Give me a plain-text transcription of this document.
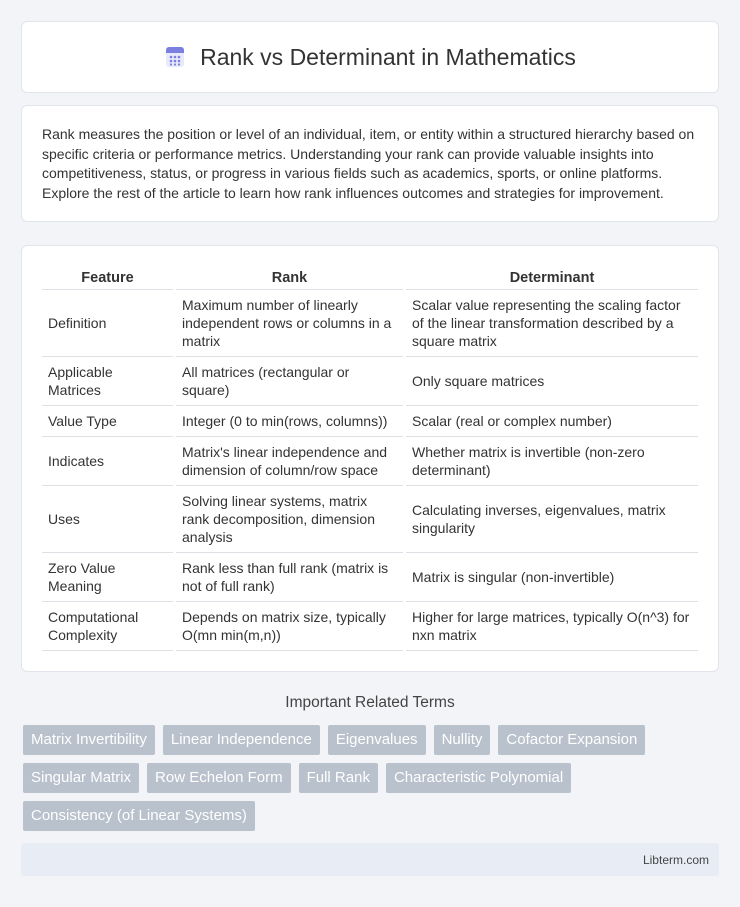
Rank vs Determinant in Mathematics

Rank measures the position or level of an individual, item, or entity within a structured hierarchy based on specific criteria or performance metrics. Understanding your rank can provide valuable insights into competitiveness, status, or progress in various fields such as academics, sports, or online platforms. Explore the rest of the article to learn how rank influences outcomes and strategies for improvement.

Feature		Rank		Determinant
Definition		Maximum number of linearly independent rows or columns in a matrix		Scalar value representing the scaling factor of the linear transformation described by a square matrix
Applicable Matrices		All matrices (rectangular or square)		Only square matrices
Value Type		Integer (0 to min(rows, columns))		Scalar (real or complex number)
Indicates		Matrix's linear independence and dimension of column/row space		Whether matrix is invertible (non-zero determinant)
Uses		Solving linear systems, matrix rank decomposition, dimension analysis		Calculating inverses, eigenvalues, matrix singularity
Zero Value Meaning		Rank less than full rank (matrix is not of full rank)		Matrix is singular (non-invertible)
Computational Complexity		Depends on matrix size, typically O(mn min(m,n))		Higher for large matrices, typically O(n^3) for nxn matrix
Important Related Terms
Matrix Invertibility	Linear Independence	Eigenvalues	Nullity	Cofactor Expansion
Singular Matrix	Row Echelon Form	Full Rank	Characteristic Polynomial
Consistency (of Linear Systems)
Libterm.com
